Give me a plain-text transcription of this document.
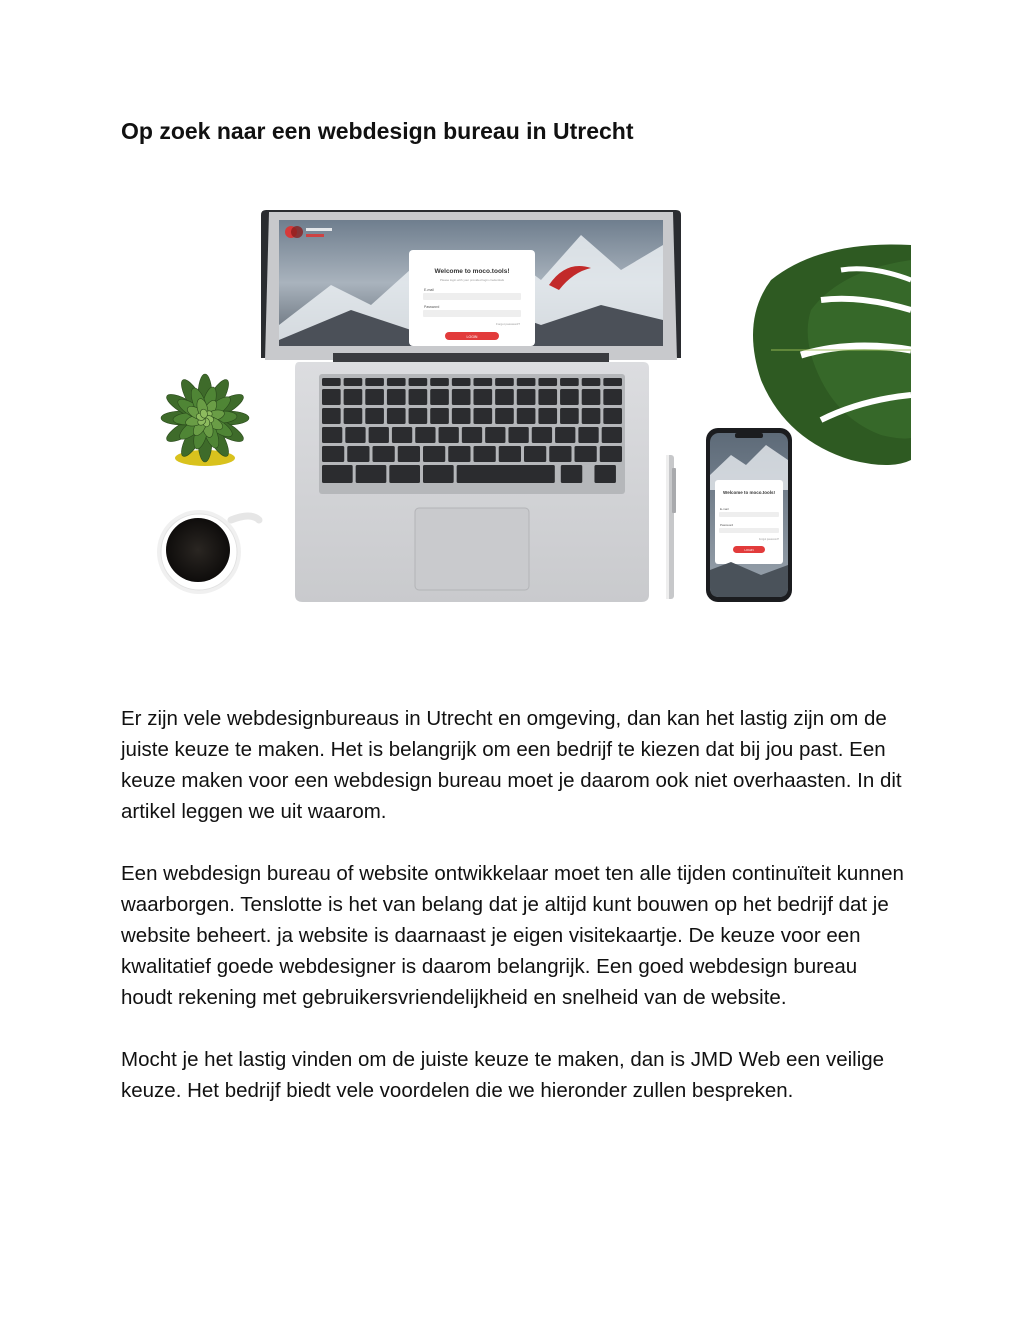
Op zoek naar een webdesign bureau in Utrecht
Welcome to moco.tools!
Please login with your provided login credentials
E-mail
Password
Forgot password?
LOGIN
Welcome to moco.tools!
E-mail
Password
Forgot password?
LOGIN

Er zijn vele webdesignbureaus in Utrecht en omgeving, dan kan het lastig zijn om de juiste keuze te maken. Het is belangrijk om een bedrijf te kiezen dat bij jou past. Een keuze maken voor een webdesign bureau moet je daarom ook niet overhaasten. In dit artikel leggen we uit waarom.

Een webdesign bureau of website ontwikkelaar moet ten alle tijden continuïteit kunnen waarborgen. Tenslotte is het van belang dat je altijd kunt bouwen op het bedrijf dat je website beheert. ja website is daarnaast je eigen visitekaartje. De keuze voor een kwalitatief goede webdesigner is daarom belangrijk. Een goed webdesign bureau houdt rekening met gebruikersvriendelijkheid en snelheid van de website.

Mocht je het lastig vinden om de juiste keuze te maken, dan is JMD Web een veilige keuze. Het bedrijf biedt vele voordelen die we hieronder zullen bespreken.
